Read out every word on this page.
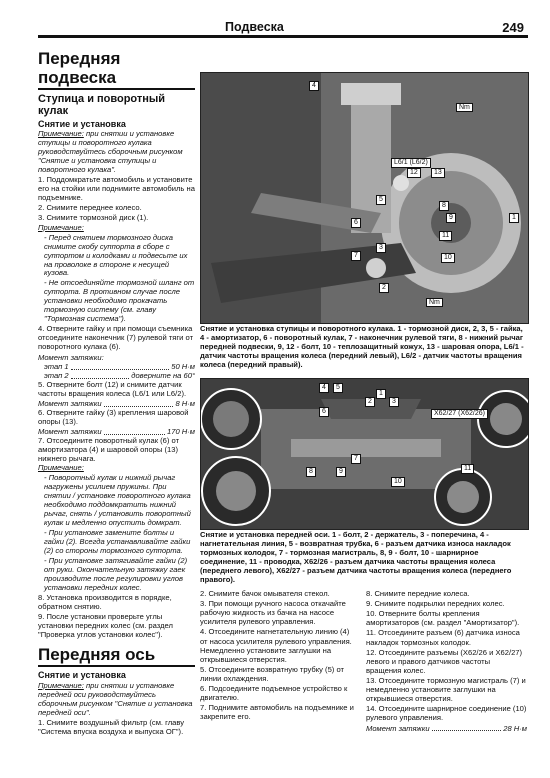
Подвеска	249
Передняя подвеска
Ступица и поворотный кулак
Снятие и установка
Примечание: при снятии и установке ступицы и поворотного кулака руководствуйтесь сборочным рисунком "Снятие и установка ступицы и поворотного кулака".
1. Поддомкратьте автомобиль и установите его на стойки или поднимите автомобиль на подъемнике.
2. Снимите переднее колесо.
3. Снимите тормозной диск (1).
Примечание:
- Перед снятием тормозного диска снимите скобу суппорта в сборе с суппортом и колодками и подвесьте их на проволоке в стороне к несущей кузова.
- Не отсоединяйте тормозной шланг от суппорта. В противном случае после установки необходимо прокачать тормозную систему (см. главу "Тормозная система").
4. Отверните гайку и при помощи съемника отсоедините наконечник (7) рулевой тяги от поворотного кулака (6).
Момент затяжки:
этап 1	50 Н·м
этап 2	доверните на 60°
5. Отверните болт (12) и снимите датчик частоты вращения колеса (L6/1 или L6/2).
Момент затяжки	8 Н·м
6. Отверните гайку (3) крепления шаровой опоры (13).
Момент затяжки	170 Н·м
7. Отсоедините поворотный кулак (6) от амортизатора (4) и шаровой опоры (13) нижнего рычага.
Примечание:
- Поворотный кулак и нижний рычаг нагружены усилием пружины. При снятии / установке поворотного кулака необходимо поддомкратить нижний рычаг, снять / установить поворотный кулак и медленно опустить домкрат.
- При установке замените болты и гайки (2). Всегда устанавливайте гайки (2) со стороны тормозного суппорта.
- При установке затягивайте гайки (2) от руки. Окончательную затяжку гаек производите после регулировки углов установки передних колес.
8. Установка производится в порядке, обратном снятию.
9. После установки проверьте углы установки передних колес (см. раздел "Проверка углов установки колес").
Передняя ось
Снятие и установка
Примечание: при снятии и установке передней оси руководствуйтесь сборочным рисунком "Снятие и установка передней оси".
1. Снимите воздушный фильтр (см. главу "Система впуска воздуха и выпуска ОГ").
Nm
Nm
L6/1 (L6/2)
4
12	13
5
6
8
9
11
1
10
7
3
2
Снятие и установка ступицы и поворотного кулака. 1 - тормозной диск, 2, 3, 5 - гайка, 4 - амортизатор, 6 - поворотный кулак, 7 - наконечник рулевой тяги, 8 - нижний рычаг передней подвески, 9, 12 - болт, 10 - теплозащитный кожух, 13 - шаровая опора, L6/1 - датчик частоты вращения колеса (передний левый), L6/2 - датчик частоты вращения колеса (передний правый).
4	5
1
3
2
6	X62/27 (X62/26)
7
8	9	11
10
Снятие и установка передней оси. 1 - болт, 2 - держатель, 3 - поперечина, 4 - нагнетательная линия, 5 - возвратная трубка, 6 - разъем датчика износа накладок тормозных колодок, 7 - тормозная магистраль, 8, 9 - болт, 10 - шарнирное соединение, 11 - проводка, X62/26 - разъем датчика частоты вращения колеса (переднего левого), X62/27 - разъем датчика частоты вращения колеса (переднего правого).
2. Снимите бачок омывателя стекол.
3. При помощи ручного насоса откачайте рабочую жидкость из бачка на насосе усилителя рулевого управления.
4. Отсоедините нагнетательную линию (4) от насоса усилителя рулевого управления. Немедленно установите заглушки на открывшиеся отверстия.
5. Отсоедините возвратную трубку (5) от линии охлаждения.
6. Подсоедините подъемное устройство к двигателю.
7. Поднимите автомобиль на подъемнике и закрепите его.
8. Снимите передние колеса.
9. Снимите подкрылки передних колес.
10. Отверните болты крепления амортизаторов (см. раздел "Амортизатор").
11. Отсоедините разъем (6) датчика износа накладок тормозных колодок.
12. Отсоедините разъемы (X62/26 и X62/27) левого и правого датчиков частоты вращения колес.
13. Отсоедините тормозную магистраль (7) и немедленно установите заглушки на открывшиеся отверстия.
14. Отсоедините шарнирное соединение (10) рулевого управления.
Момент затяжки	28 Н·м
